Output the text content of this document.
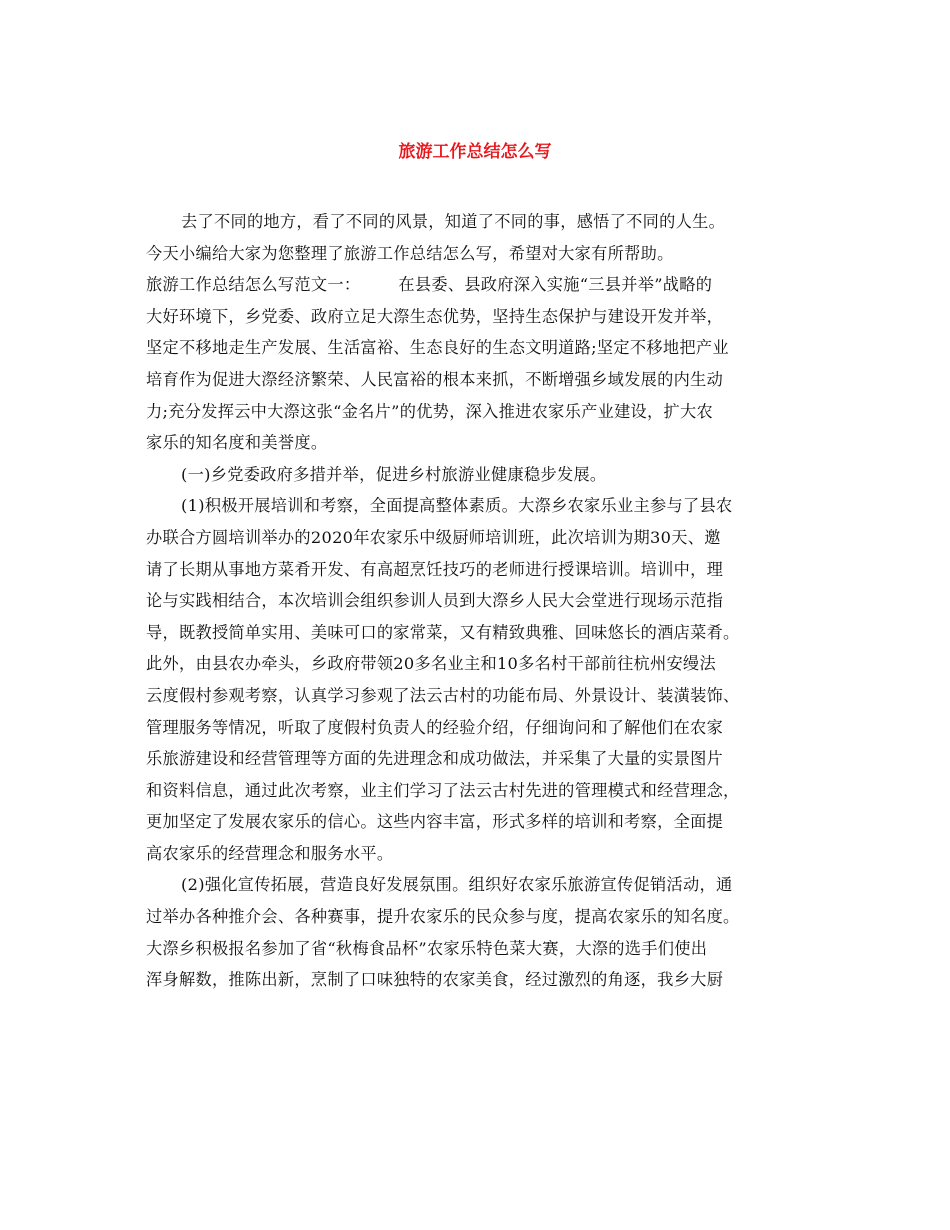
旅游工作总结怎么写
去了不同的地方，看了不同的风景，知道了不同的事，感悟了不同的人生。
今天小编给大家为您整理了旅游工作总结怎么写，希望对大家有所帮助。
旅游工作总结怎么写范文一： 在县委、县政府深入实施“三县并举”战略的
大好环境下，乡党委、政府立足大漈生态优势，坚持生态保护与建设开发并举，
坚定不移地走生产发展、生活富裕、生态良好的生态文明道路;坚定不移地把产业
培育作为促进大漈经济繁荣、人民富裕的根本来抓，不断增强乡域发展的内生动
力;充分发挥云中大漈这张“金名片”的优势，深入推进农家乐产业建设，扩大农
家乐的知名度和美誉度。
(一)乡党委政府多措并举，促进乡村旅游业健康稳步发展。
(1)积极开展培训和考察，全面提高整体素质。大漈乡农家乐业主参与了县农
办联合方圆培训举办的2020年农家乐中级厨师培训班，此次培训为期30天、邀
请了长期从事地方菜肴开发、有高超烹饪技巧的老师进行授课培训。培训中，理
论与实践相结合，本次培训会组织参训人员到大漈乡人民大会堂进行现场示范指
导，既教授简单实用、美味可口的家常菜，又有精致典雅、回味悠长的酒店菜肴。
此外，由县农办牵头，乡政府带领20多名业主和10多名村干部前往杭州安缦法
云度假村参观考察，认真学习参观了法云古村的功能布局、外景设计、装潢装饰、
管理服务等情况，听取了度假村负责人的经验介绍，仔细询问和了解他们在农家
乐旅游建设和经营管理等方面的先进理念和成功做法，并采集了大量的实景图片
和资料信息，通过此次考察，业主们学习了法云古村先进的管理模式和经营理念，
更加坚定了发展农家乐的信心。这些内容丰富，形式多样的培训和考察，全面提
高农家乐的经营理念和服务水平。
(2)强化宣传拓展，营造良好发展氛围。组织好农家乐旅游宣传促销活动，通
过举办各种推介会、各种赛事，提升农家乐的民众参与度，提高农家乐的知名度。
大漈乡积极报名参加了省“秋梅食品杯”农家乐特色菜大赛，大漈的选手们使出
浑身解数，推陈出新，烹制了口味独特的农家美食，经过激烈的角逐，我乡大厨
